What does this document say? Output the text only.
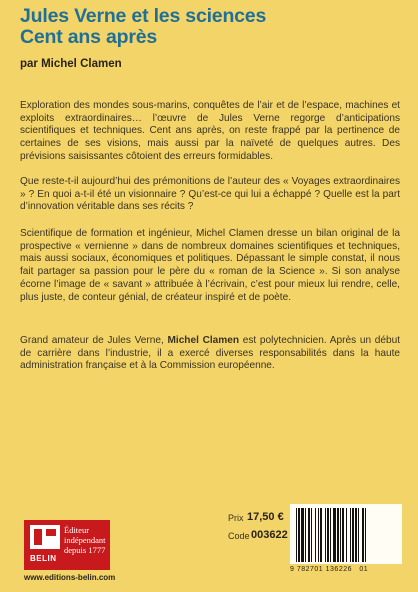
Jules Verne et les sciences
Cent ans après
par Michel Clamen

Exploration des mondes sous-marins, conquêtes de l’air et de l’espace, machines et exploits extraordinaires… l’œuvre de Jules Verne regorge d’anticipations scientifiques et techniques. Cent ans après, on reste frappé par la pertinence de certaines de ses visions, mais aussi par la naïveté de quelques autres. Des prévisions saisissantes côtoient des erreurs formidables.

Que reste-t-il aujourd’hui des prémonitions de l’auteur des « Voyages extraordinaires » ? En quoi a-t-il été un visionnaire ? Qu’est-ce qui lui a échappé ? Quelle est la part d’innovation véritable dans ses récits ?

Scientifique de formation et ingénieur, Michel Clamen dresse un bilan original de la prospective « vernienne » dans de nombreux domaines scientifiques et techniques, mais aussi sociaux, économiques et politiques. Dépassant le simple constat, il nous fait partager sa passion pour le père du « roman de la Science ». Si son analyse écorne l’image de « savant » attribuée à l’écrivain, c’est pour mieux lui rendre, celle, plus juste, de conteur génial, de créateur inspiré et de poète.

Grand amateur de Jules Verne, Michel Clamen est polytechnicien. Après un début de carrière dans l’industrie, il a exercé diverses responsabilités dans la haute administration française et à la Commission européenne.

BELIN
Éditeur
indépendant
depuis 1777
www.editions-belin.com
Prix 17,50 €
Code 003622
9 782701 136226   01
